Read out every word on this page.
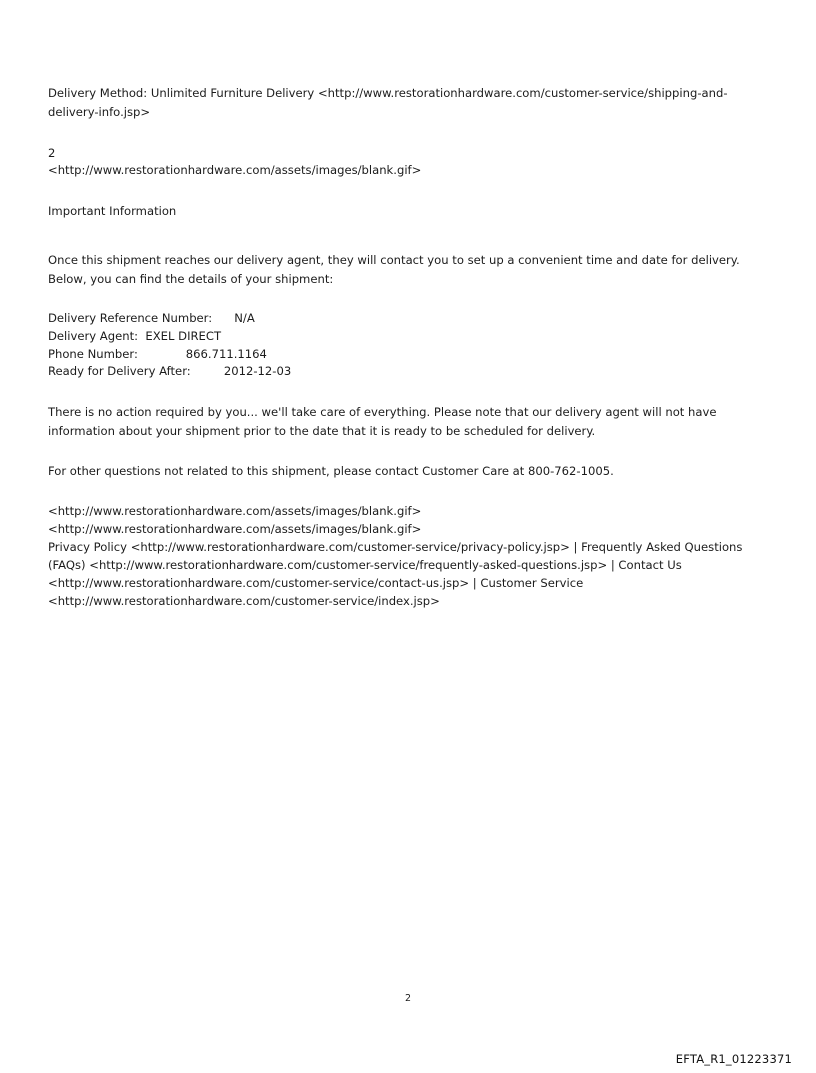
Delivery Method: Unlimited Furniture Delivery <http://www.restorationhardware.com/customer-service/shipping-and-delivery-info.jsp>

2

<http://www.restorationhardware.com/assets/images/blank.gif>

Important Information

Once this shipment reaches our delivery agent, they will contact you to set up a convenient time and date for delivery. Below, you can find the details of your shipment:

Delivery Reference Number:      N/A
Delivery Agent:  EXEL DIRECT
Phone Number:             866.711.1164
Ready for Delivery After:         2012-12-03

There is no action required by you... we'll take care of everything. Please note that our delivery agent will not have information about your shipment prior to the date that it is ready to be scheduled for delivery.

For other questions not related to this shipment, please contact Customer Care at 800-762-1005.

<http://www.restorationhardware.com/assets/images/blank.gif>
<http://www.restorationhardware.com/assets/images/blank.gif>
Privacy Policy <http://www.restorationhardware.com/customer-service/privacy-policy.jsp> | Frequently Asked Questions (FAQs) <http://www.restorationhardware.com/customer-service/frequently-asked-questions.jsp> | Contact Us <http://www.restorationhardware.com/customer-service/contact-us.jsp> | Customer Service <http://www.restorationhardware.com/customer-service/index.jsp>
2
EFTA_R1_01223371
